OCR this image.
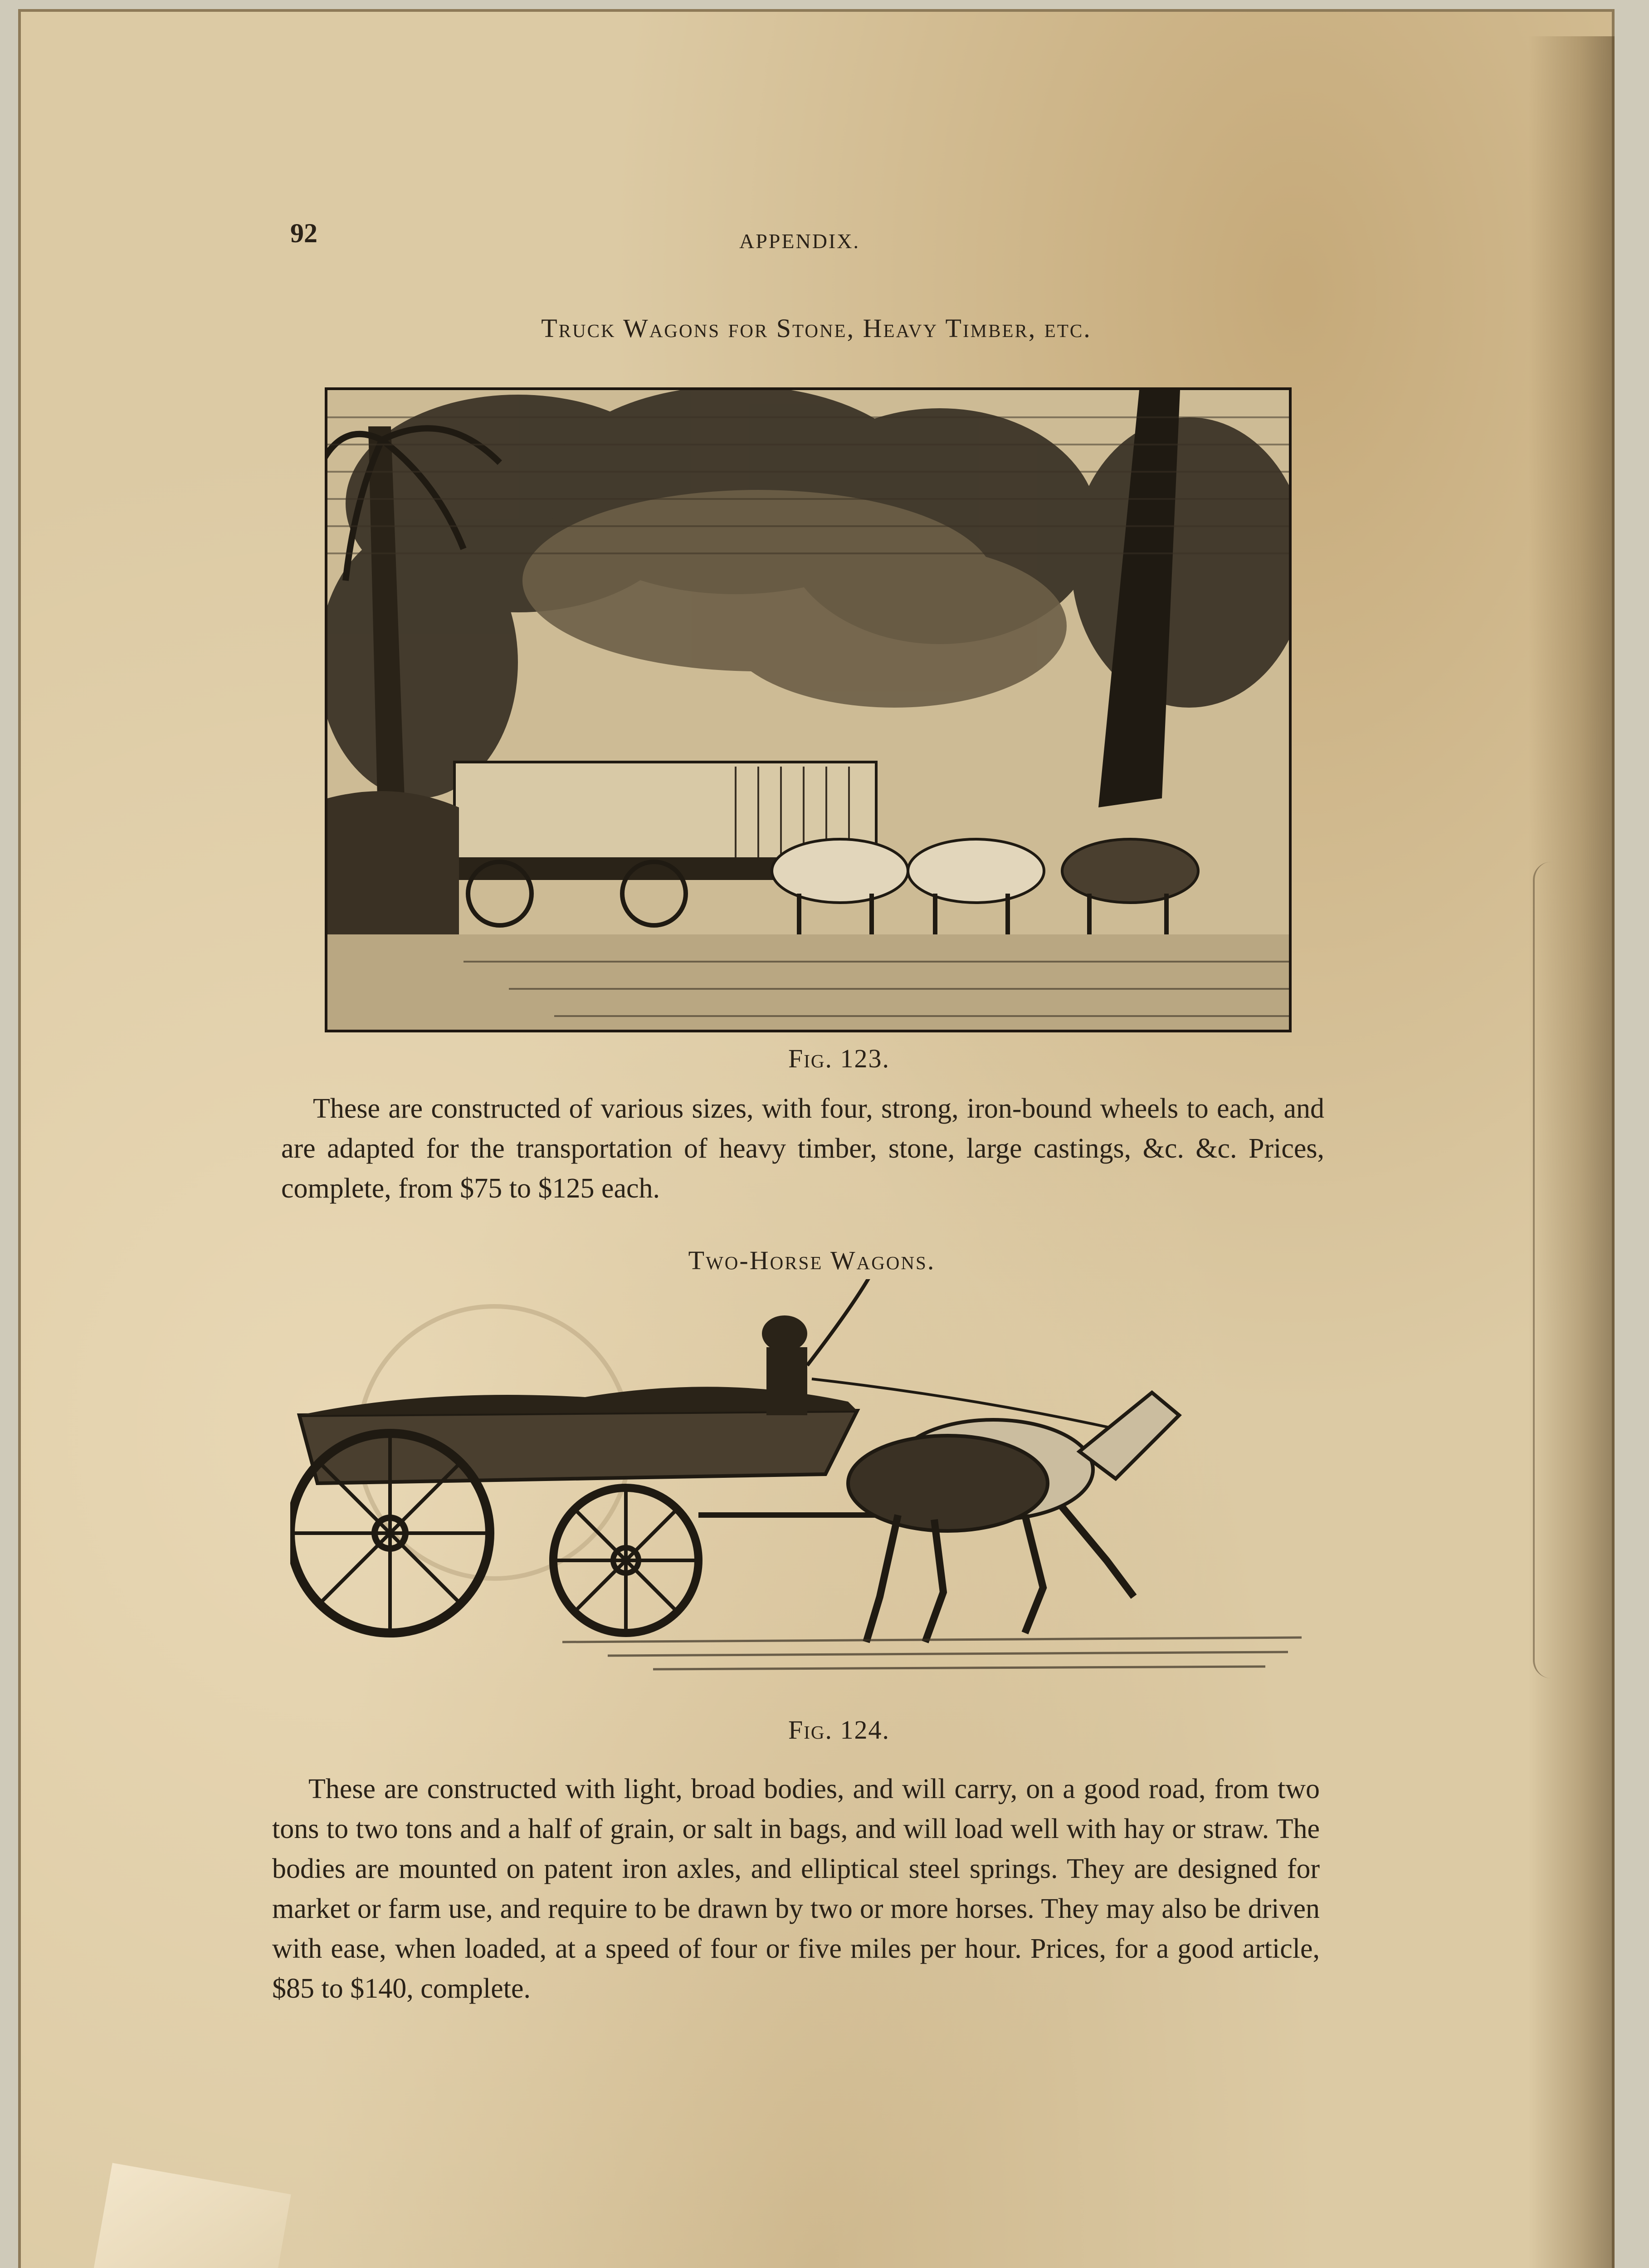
92	APPENDIX.

Truck Wagons for Stone, Heavy Timber, etc.

Fig. 123.

These are constructed of various sizes, with four, strong, iron-bound wheels to each, and are adapted for the transportation of heavy timber, stone, large castings, &c. &c. Prices, complete, from $75 to $125 each.

Two-Horse Wagons.

Fig. 124.

These are constructed with light, broad bodies, and will carry, on a good road, from two tons to two tons and a half of grain, or salt in bags, and will load well with hay or straw. The bodies are mounted on patent iron axles, and elliptical steel springs. They are designed for market or farm use, and require to be drawn by two or more horses. They may also be driven with ease, when loaded, at a speed of four or five miles per hour. Prices, for a good article, $85 to $140, complete.
